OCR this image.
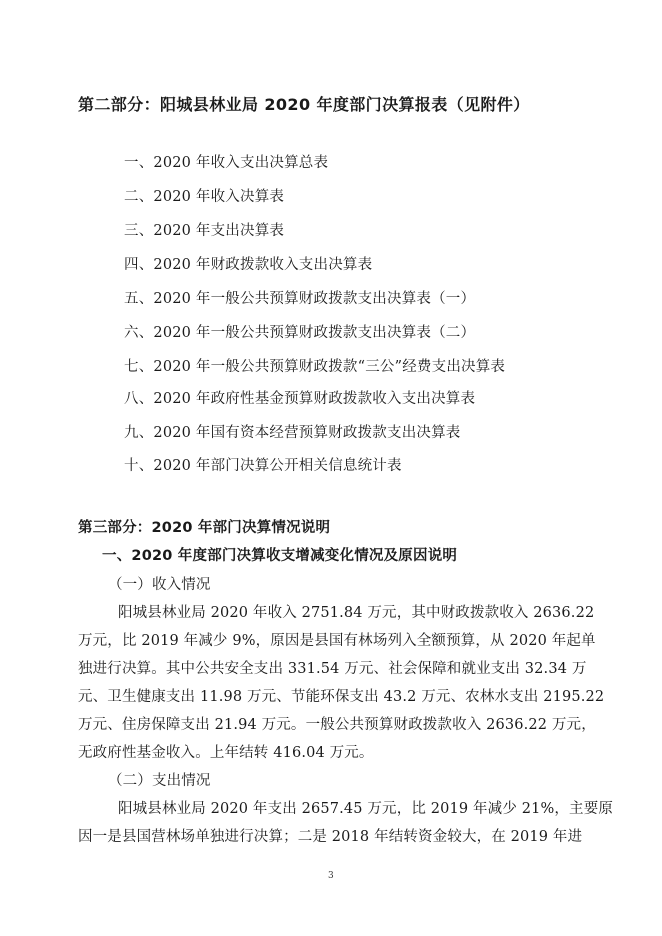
第二部分：阳城县林业局 2020 年度部门决算报表（见附件）
一、2020 年收入支出决算总表
二、2020 年收入决算表
三、2020 年支出决算表
四、2020 年财政拨款收入支出决算表
五、2020 年一般公共预算财政拨款支出决算表（一）
六、2020 年一般公共预算财政拨款支出决算表（二）
七、2020 年一般公共预算财政拨款“三公”经费支出决算表
八、2020 年政府性基金预算财政拨款收入支出决算表
九、2020 年国有资本经营预算财政拨款支出决算表
十、2020 年部门决算公开相关信息统计表
第三部分：2020 年部门决算情况说明
一、2020 年度部门决算收支增减变化情况及原因说明
（一）收入情况
阳城县林业局 2020 年收入 2751.84 万元，其中财政拨款收入 2636.22
万元，比 2019 年减少 9%，原因是县国有林场列入全额预算，从 2020 年起单
独进行决算。其中公共安全支出 331.54 万元、社会保障和就业支出 32.34 万
元、卫生健康支出 11.98 万元、节能环保支出 43.2 万元、农林水支出 2195.22
万元、住房保障支出 21.94 万元。一般公共预算财政拨款收入 2636.22 万元，
无政府性基金收入。上年结转 416.04 万元。
（二）支出情况
阳城县林业局 2020 年支出 2657.45 万元，比 2019 年减少 21%，主要原
因一是县国营林场单独进行决算；二是 2018 年结转资金较大，在 2019 年进
3
